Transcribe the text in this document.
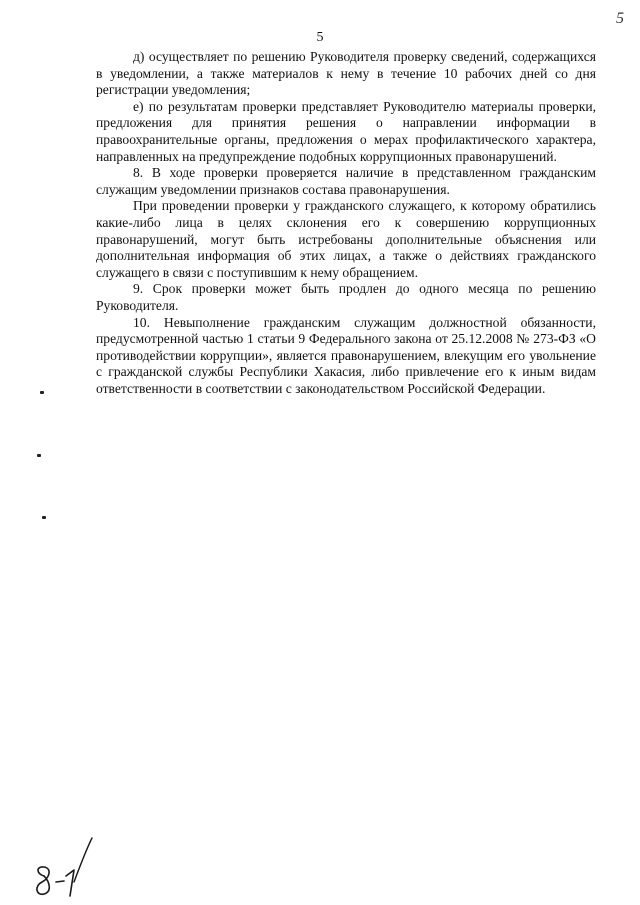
5
5

д) осуществляет по решению Руководителя проверку сведений, содержащихся в уведомлении, а также материалов к нему в течение 10 рабочих дней со дня регистрации уведомления;

е) по результатам проверки представляет Руководителю материалы проверки, предложения для принятия решения о направлении информации в правоохранительные органы, предложения о мерах профилактического характера, направленных на предупреждение подобных коррупционных правонарушений.

8. В ходе проверки проверяется наличие в представленном гражданским служащим уведомлении признаков состава правонарушения.

При проведении проверки у гражданского служащего, к которому обратились какие-либо лица в целях склонения его к совершению коррупционных правонарушений, могут быть истребованы дополнительные объяснения или дополнительная информация об этих лицах, а также о действиях гражданского служащего в связи с поступившим к нему обращением.

9. Срок проверки может быть продлен до одного месяца по решению Руководителя.

10. Невыполнение гражданским служащим должностной обязанности, предусмотренной частью 1 статьи 9 Федерального закона от 25.12.2008 № 273-ФЗ «О противодействии коррупции», является правонарушением, влекущим его увольнение с гражданской службы Республики Хакасия, либо привлечение его к иным видам ответственности в соответствии с законодательством Российской Федерации.
